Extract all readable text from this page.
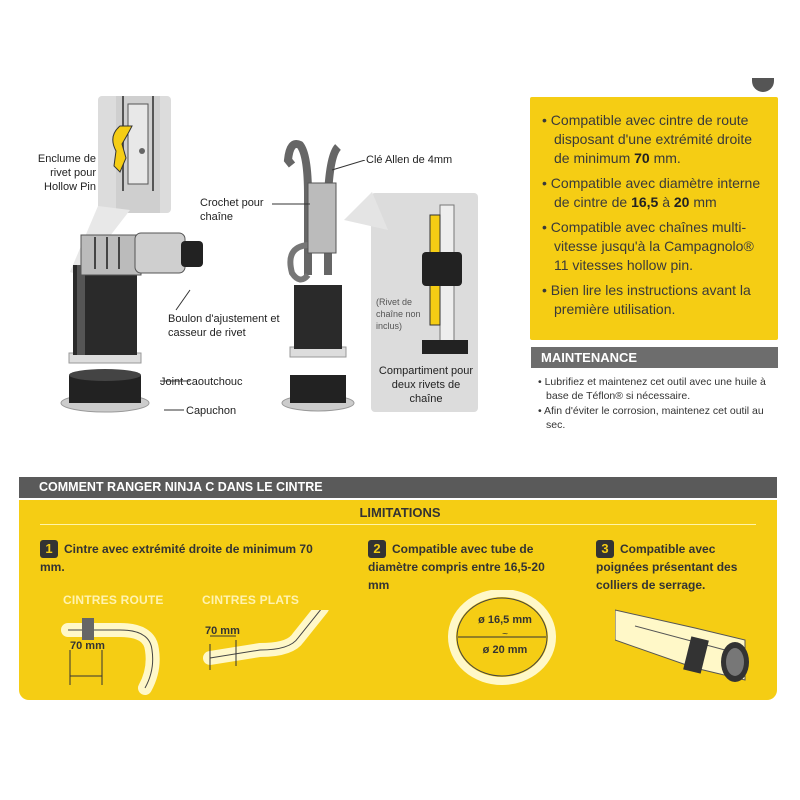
Enclume de rivet pour Hollow Pin
Boulon d'ajustement et casseur de rivet
Joint caoutchouc
Capuchon
Crochet pour chaîne
Clé Allen de 4mm
(Rivet de chaîne non inclus)
Compartiment pour deux rivets de chaîne
• Compatible avec cintre de route disposant d'une extrémité droite de minimum 70 mm.
• Compatible avec diamètre interne de cintre de 16,5 à 20 mm
• Compatible avec chaînes multi-vitesse jusqu'à la Campagnolo® 11 vitesses hollow pin.
• Bien lire les instructions avant la première utilisation.
MAINTENANCE
• Lubrifiez et maintenez cet outil avec une huile à base de Téflon® si nécessaire.
• Afin d'éviter le corrosion, maintenez cet outil au sec.
COMMENT RANGER NINJA C DANS LE CINTRE
LIMITATIONS
1 Cintre avec extrémité droite de minimum 70 mm.
CINTRES ROUTE	CINTRES PLATS
70 mm
70 mm
2 Compatible avec tube de diamètre compris entre 16,5-20 mm
ø 16,5 mm
~
ø 20 mm
3 Compatible avec poignées présentant des colliers de serrage.
